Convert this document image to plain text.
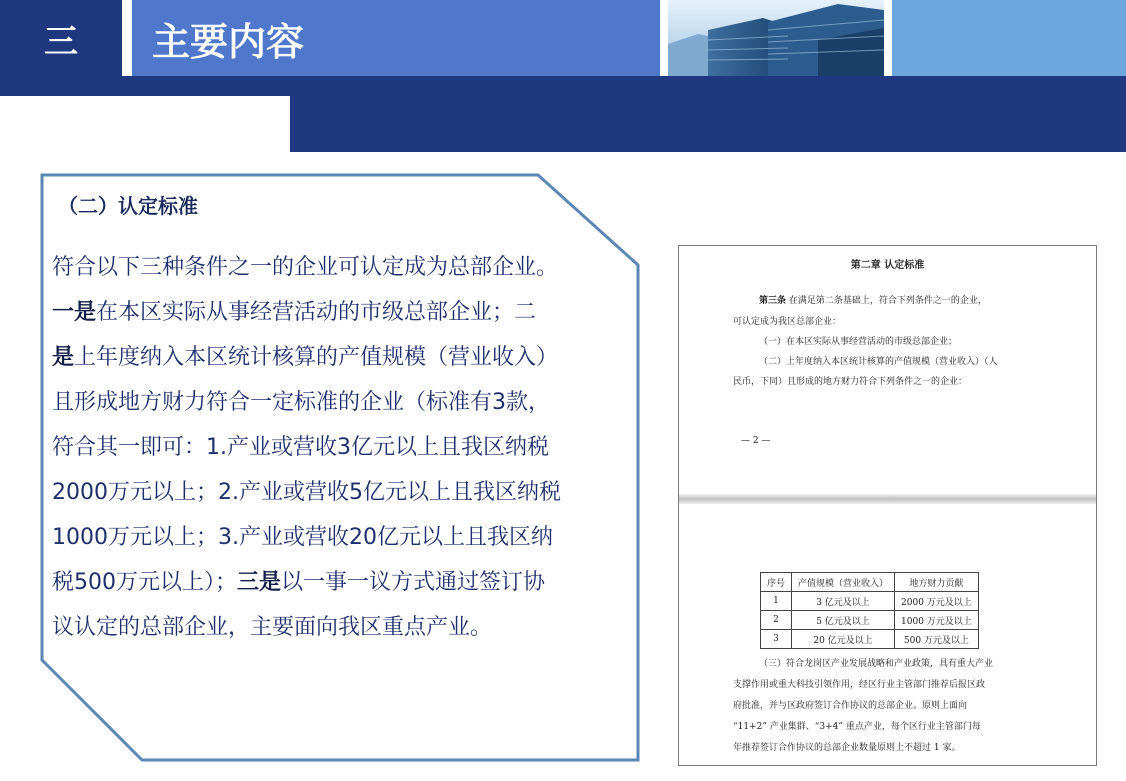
三	主要内容
（二）认定标准

符合以下三种条件之一的企业可认定成为总部企业。

一是在本区实际从事经营活动的市级总部企业；二

是上年度纳入本区统计核算的产值规模（营业收入）

且形成地方财力符合一定标准的企业（标准有3款，

符合其一即可：1.产业或营收3亿元以上且我区纳税

2000万元以上；2.产业或营收5亿元以上且我区纳税

1000万元以上；3.产业或营收20亿元以上且我区纳

税500万元以上）；三是以一事一议方式通过签订协

议认定的总部企业，主要面向我区重点产业。

第二章 认定标准
第三条 在满足第二条基础上，符合下列条件之一的企业，
可认定成为我区总部企业：
（一）在本区实际从事经营活动的市级总部企业；
（二）上年度纳入本区统计核算的产值规模（营业收入）（人
民币，下同）且形成的地方财力符合下列条件之一的企业：
— 2 —
序号	产值规模（营业收入）	地方财力贡献
1	3 亿元及以上	2000 万元及以上
2	5 亿元及以上	1000 万元及以上
3	20 亿元及以上	500 万元及以上
（三）符合龙岗区产业发展战略和产业政策，具有重大产业
支撑作用或重大科技引领作用，经区行业主管部门推荐后报区政
府批准，并与区政府签订合作协议的总部企业。原则上面向
“11+2” 产业集群、“3+4” 重点产业，每个区行业主管部门每
年推荐签订合作协议的总部企业数量原则上不超过 1 家。
